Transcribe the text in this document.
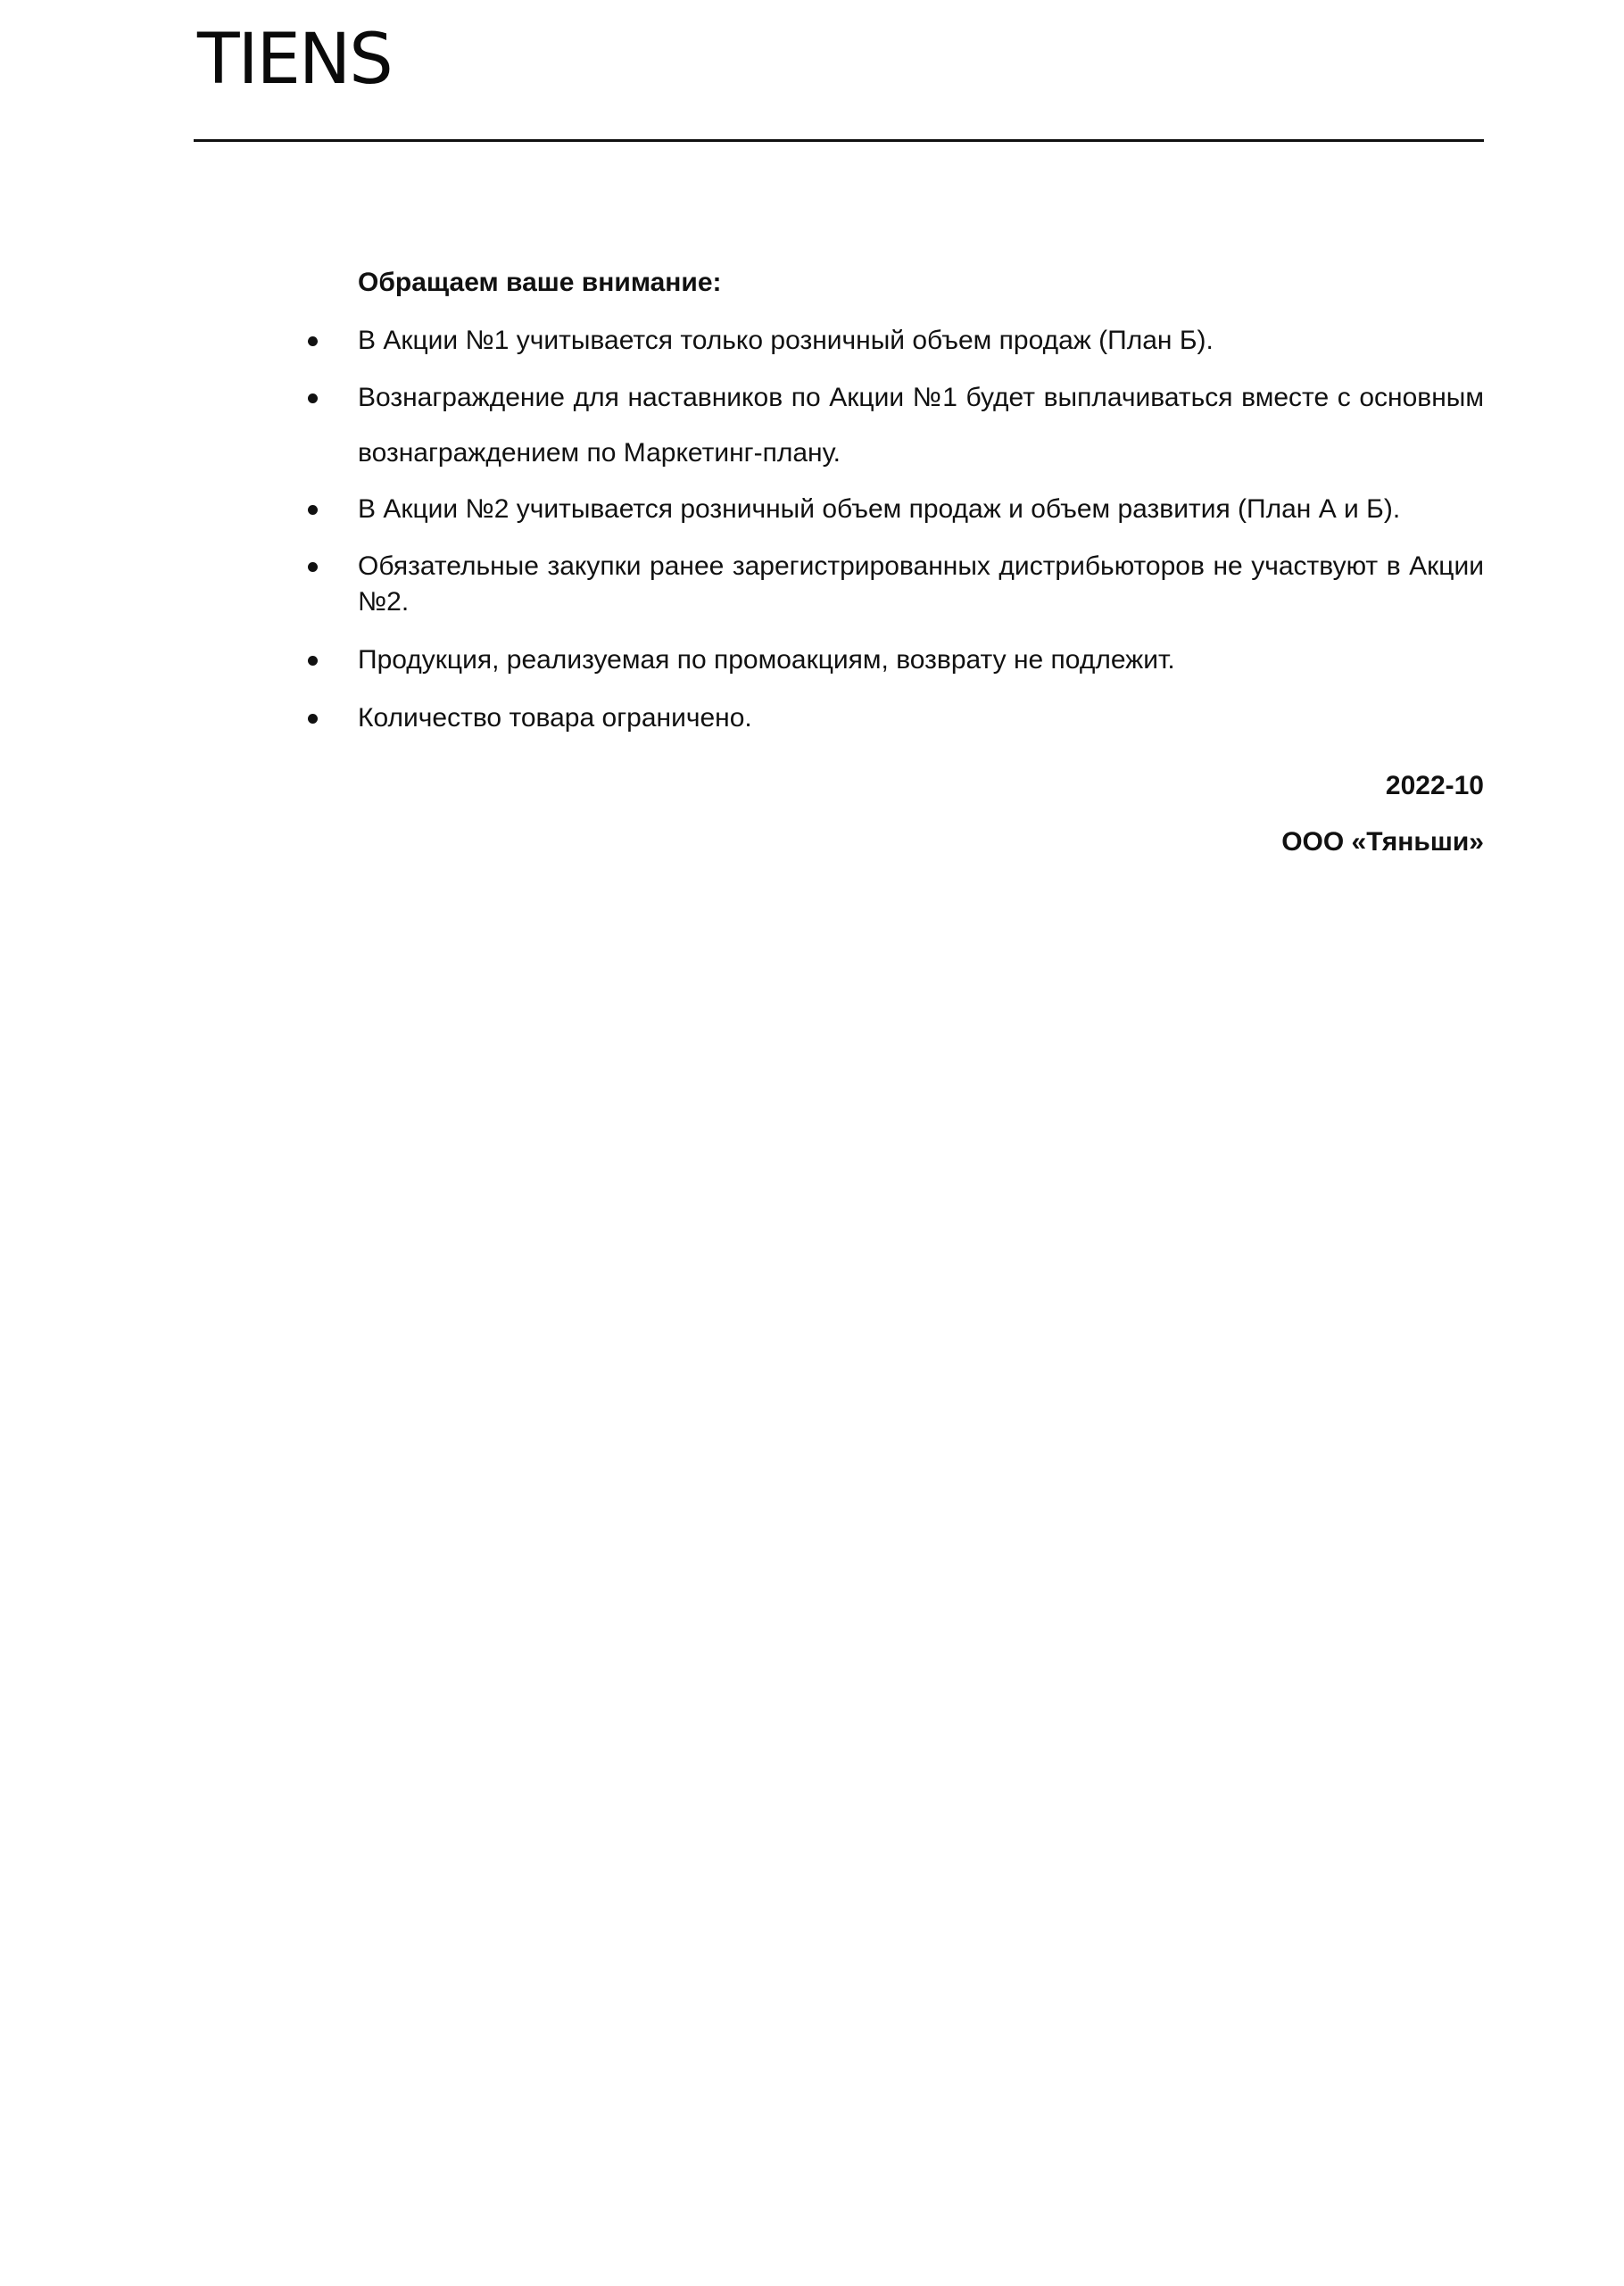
TIENS

Обращаем ваше внимание:

В Акции №1 учитывается только розничный объем продаж (План Б).
Вознаграждение для наставников по Акции №1 будет выплачиваться вместе с основным вознаграждением по Маркетинг-плану.
В Акции №2 учитывается розничный объем продаж и объем развития (План А и Б).
Обязательные закупки ранее зарегистрированных дистрибьюторов не участвуют в Акции №2.
Продукция, реализуемая по промоакциям, возврату не подлежит.
Количество товара ограничено.
2022-10
ООО «Тяньши»
